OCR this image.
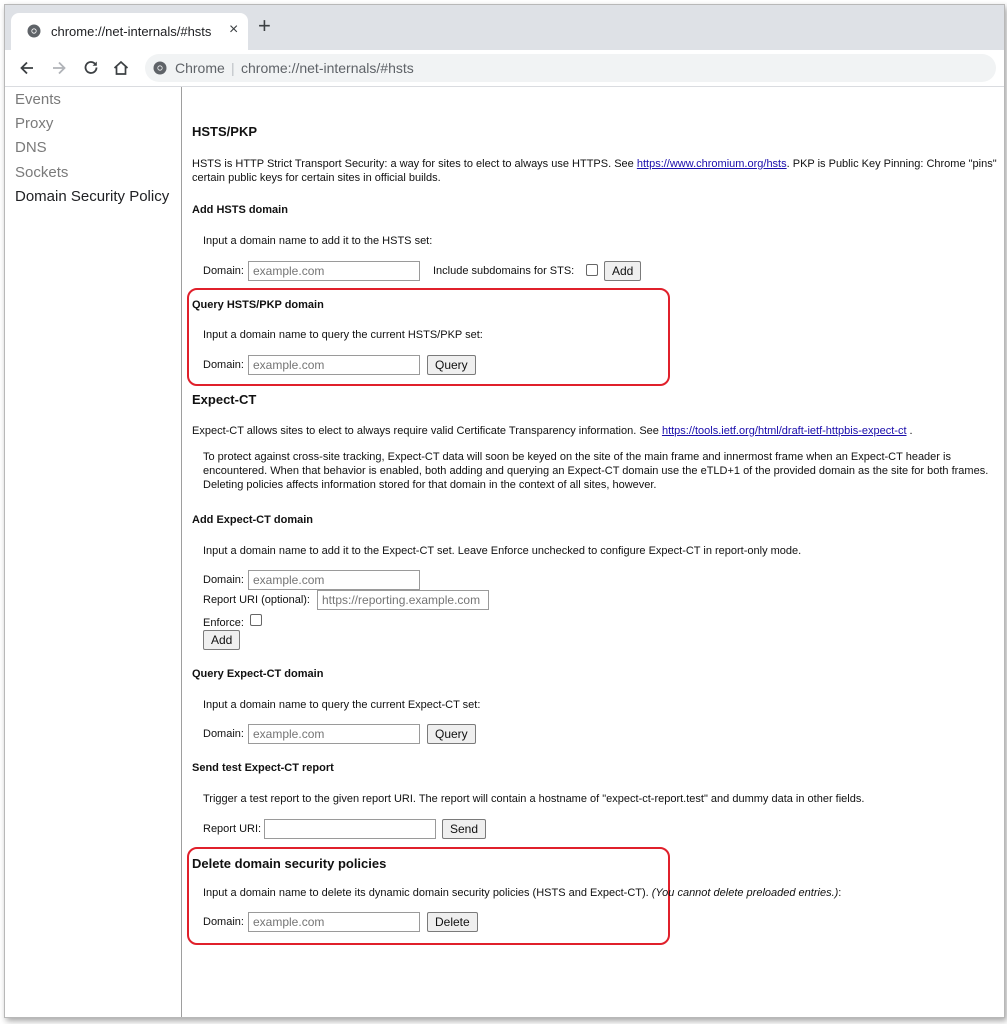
chrome://net-internals/#hsts × +
Chrome | chrome://net-internals/#hsts
Events
Proxy
DNS
Sockets
Domain Security Policy
HSTS/PKP
HSTS is HTTP Strict Transport Security: a way for sites to elect to always use HTTPS. See https://www.chromium.org/hsts. PKP is Public Key Pinning: Chrome "pins" certain public keys for certain sites in official builds.
Add HSTS domain
Input a domain name to add it to the HSTS set:
Domain:
example.com	Include subdomains for STS:	Add
Query HSTS/PKP domain
Input a domain name to query the current HSTS/PKP set:
Domain:
example.com	Query
Expect-CT
Expect-CT allows sites to elect to always require valid Certificate Transparency information. See https://tools.ietf.org/html/draft-ietf-httpbis-expect-ct .
To protect against cross-site tracking, Expect-CT data will soon be keyed on the site of the main frame and innermost frame when an Expect-CT header is encountered. When that behavior is enabled, both adding and querying an Expect-CT domain use the eTLD+1 of the provided domain as the site for both frames. Deleting policies affects information stored for that domain in the context of all sites, however.
Add Expect-CT domain
Input a domain name to add it to the Expect-CT set. Leave Enforce unchecked to configure Expect-CT in report-only mode.
Domain:
example.com
Report URI (optional):
https://reporting.example.com
Enforce:
Add
Query Expect-CT domain
Input a domain name to query the current Expect-CT set:
Domain:
example.com	Query
Send test Expect-CT report
Trigger a test report to the given report URI. The report will contain a hostname of "expect-ct-report.test" and dummy data in other fields.
Report URI:	Send
Delete domain security policies
Input a domain name to delete its dynamic domain security policies (HSTS and Expect-CT). (You cannot delete preloaded entries.):
Domain:
example.com	Delete
